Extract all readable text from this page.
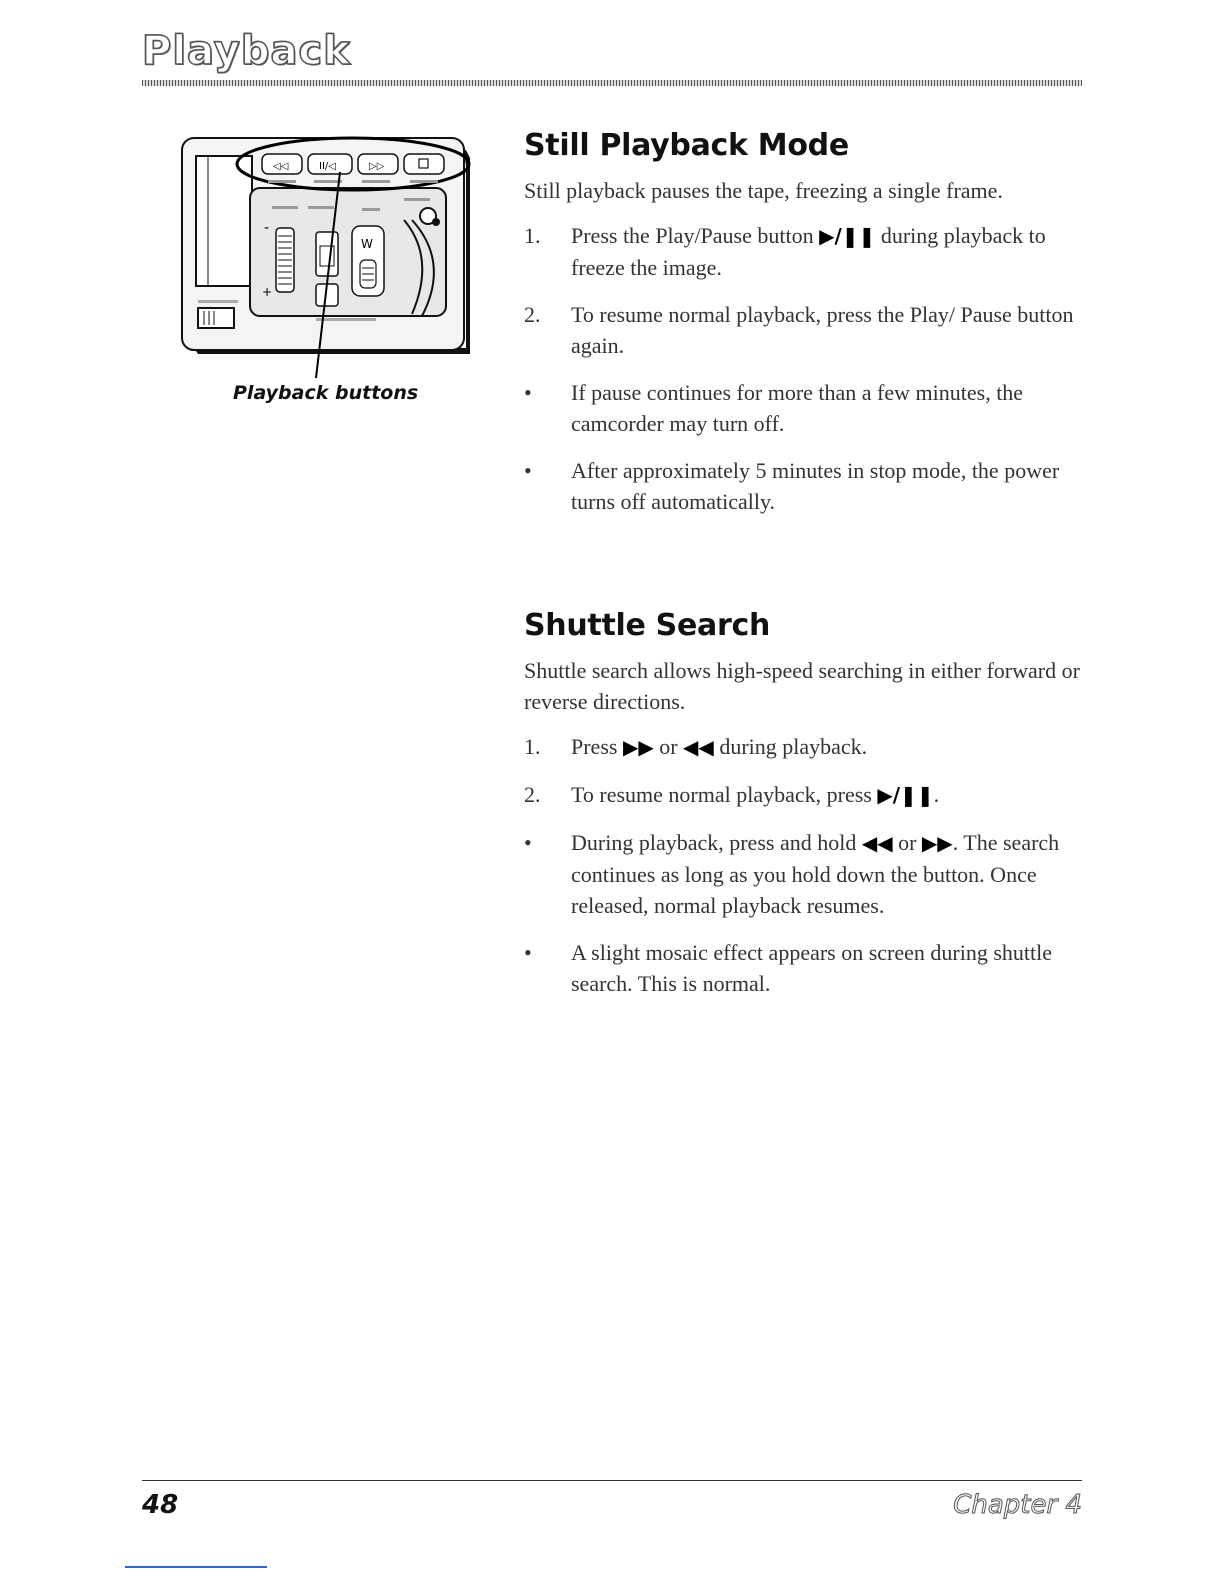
Playback
◁◁	II/◁	▷▷
-
+
W
Playback buttons
Still Playback Mode

Still playback pauses the tape, freezing a single frame.

1.	Press the Play/Pause button ▶/❚❚ during playback to freeze the image.
2.	To resume normal playback, press the Play/ Pause button again.
•	If pause continues for more than a few minutes, the camcorder may turn off.
•	After approximately 5 minutes in stop mode, the power turns off automatically.
Shuttle Search

Shuttle search allows high-speed searching in either forward or reverse directions.

1.	Press ▶▶ or ◀◀ during playback.
2.	To resume normal playback, press ▶/❚❚.
•	During playback, press and hold ◀◀ or ▶▶. The search continues as long as you hold down the button. Once released, normal playback resumes.
•	A slight mosaic effect appears on screen during shuttle search. This is normal.
48	Chapter 4
